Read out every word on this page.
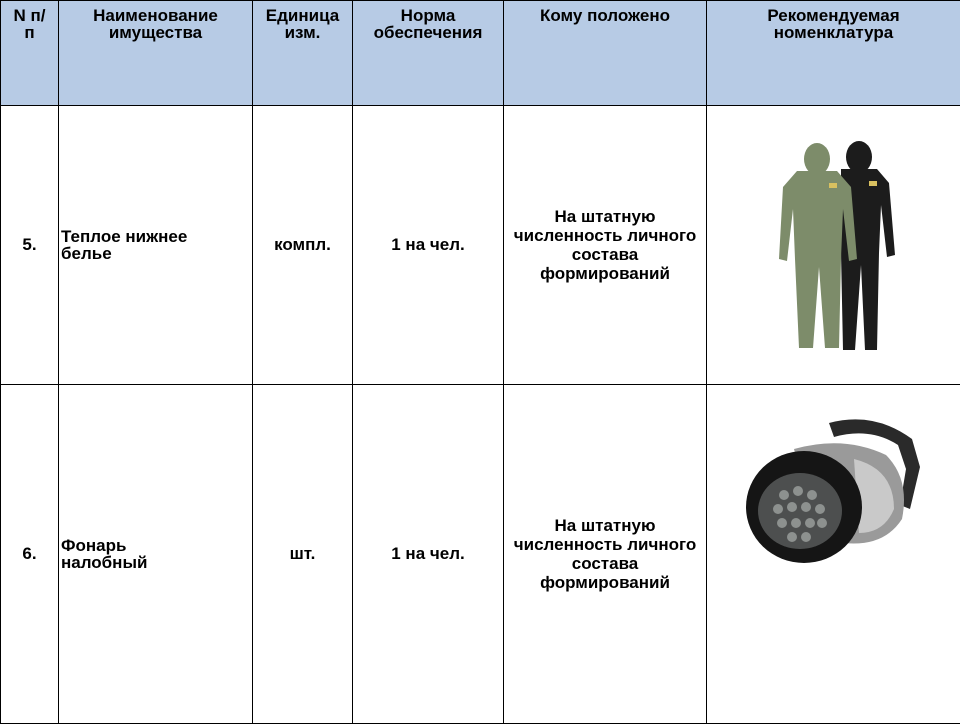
N п/п	Наименование имущества	Единица изм.	Норма обеспечения	Кому положено	Рекомендуемая номенклатура

5.	Теплое нижнее белье	компл.	1 на чел.	На штатную численность личного состава формирований

6.	Фонарь налобный	шт.	1 на чел.	На штатную численность личного состава формирований
